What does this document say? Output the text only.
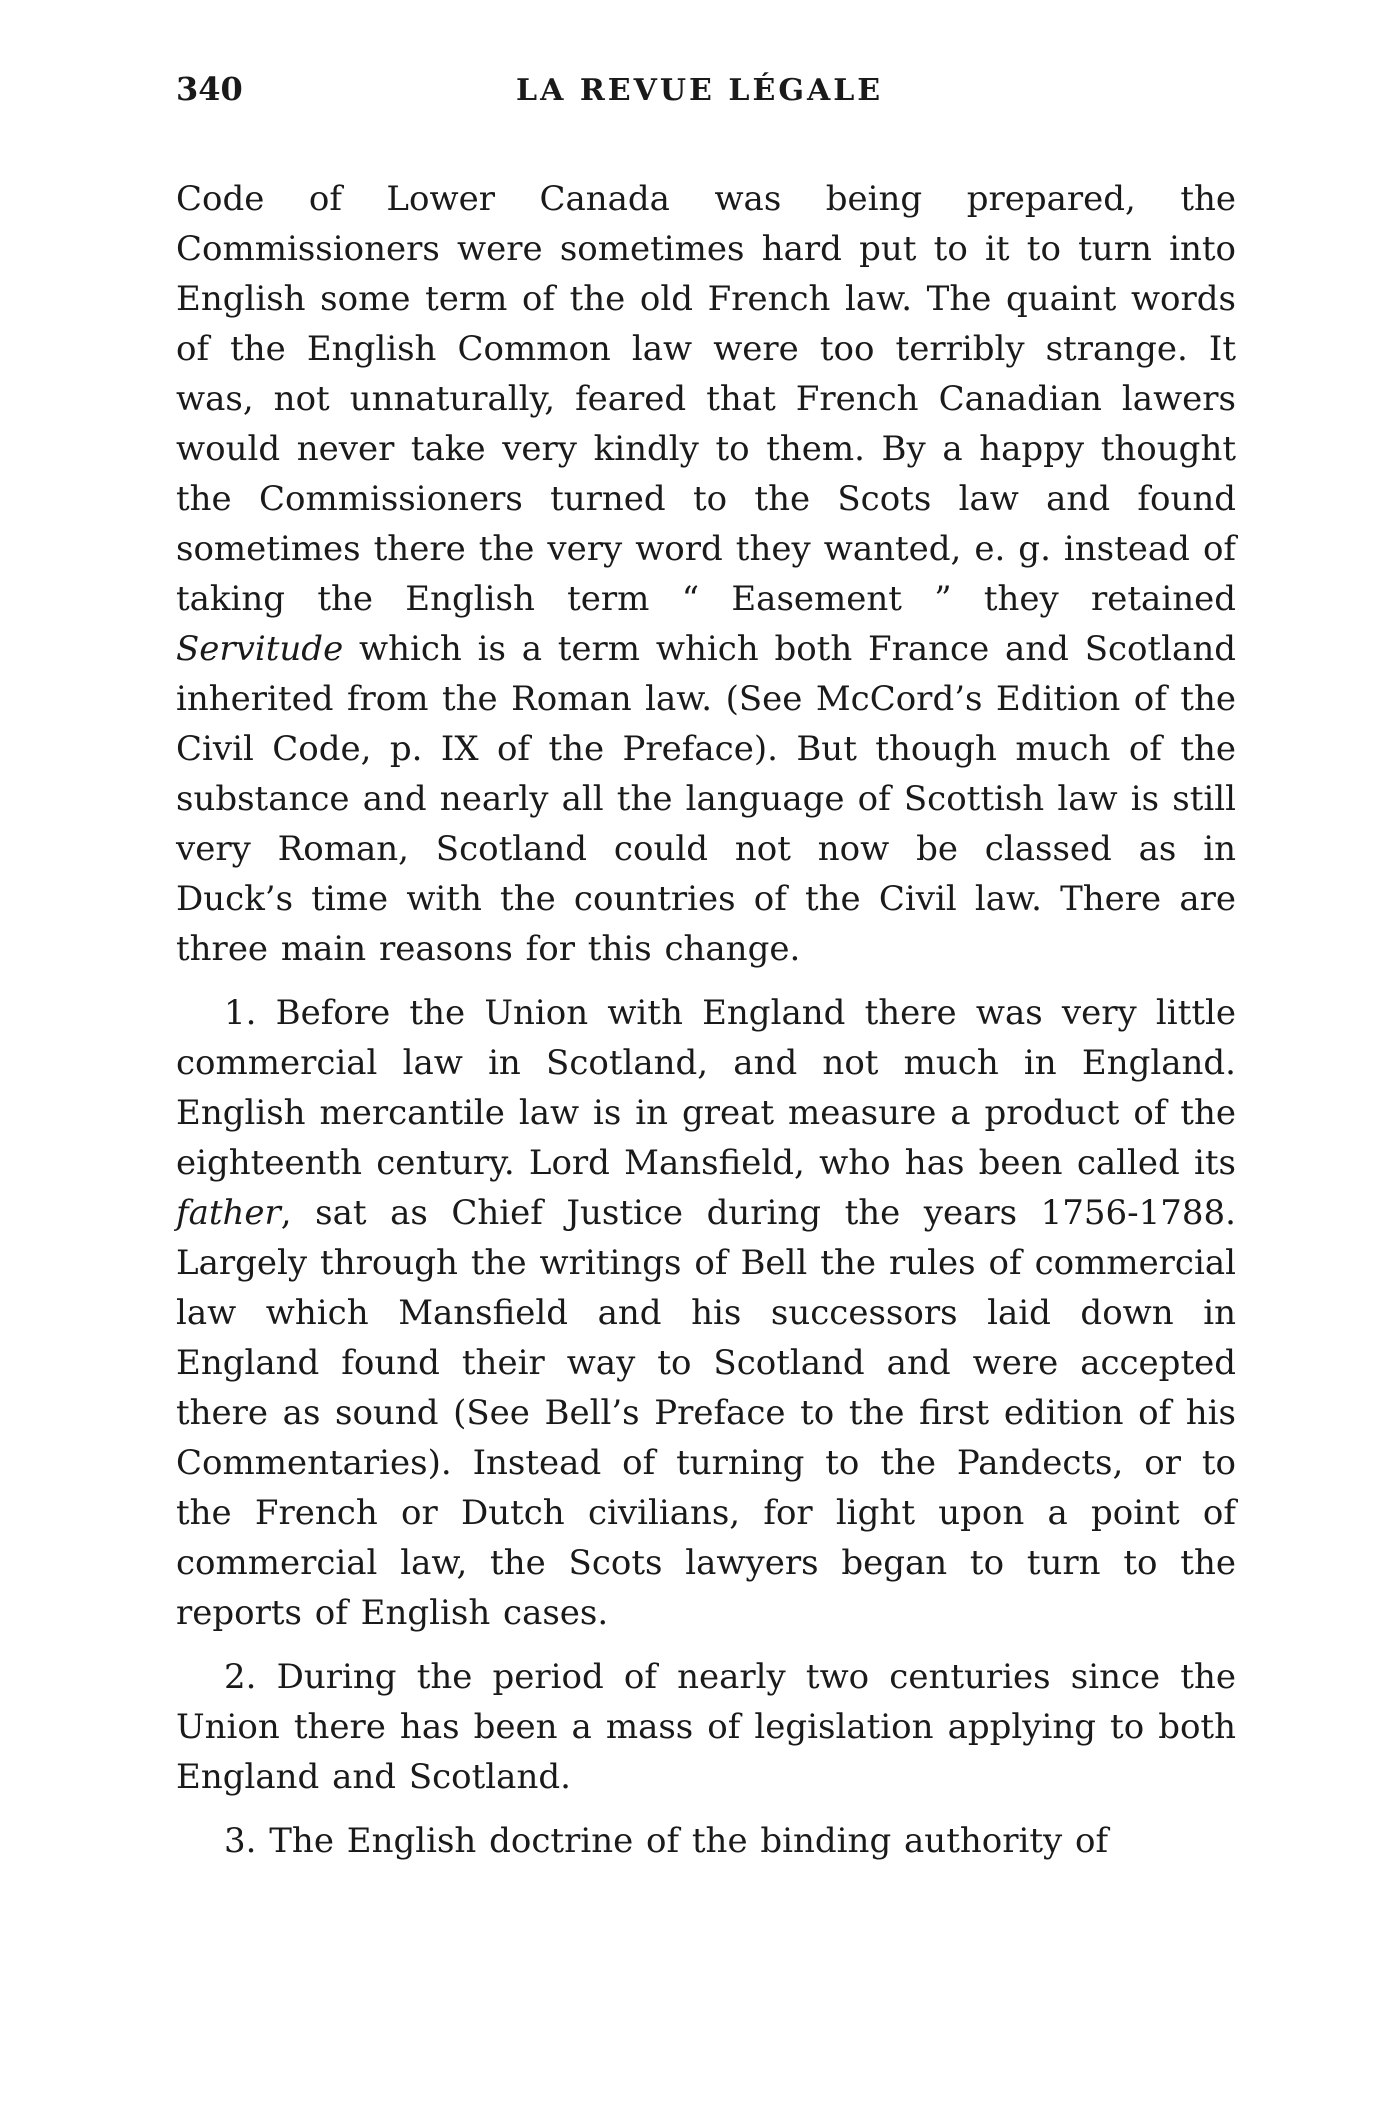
340	LA REVUE LÉGALE

Code of Lower Canada was being prepared, the Commissioners were sometimes hard put to it to turn into English some term of the old French law. The quaint words of the English Common law were too terribly strange. It was, not unnaturally, feared that French Canadian lawers would never take very kindly to them. By a happy thought the Commissioners turned to the Scots law and found sometimes there the very word they wanted, e. g. instead of taking the English term “ Easement ” they retained Servitude which is a term which both France and Scotland inherited from the Roman law. (See McCord’s Edition of the Civil Code, p. IX of the Preface). But though much of the substance and nearly all the language of Scottish law is still very Roman, Scotland could not now be classed as in Duck’s time with the countries of the Civil law. There are three main reasons for this change.

1. Before the Union with England there was very little commercial law in Scotland, and not much in England. English mercantile law is in great measure a product of the eighteenth century. Lord Mansfield, who has been called its father, sat as Chief Justice during the years 1756-1788. Largely through the writings of Bell the rules of commercial law which Mansfield and his successors laid down in England found their way to Scotland and were accepted there as sound (See Bell’s Preface to the first edition of his Commentaries). Instead of turning to the Pandects, or to the French or Dutch civilians, for light upon a point of commercial law, the Scots lawyers began to turn to the reports of English cases.

2. During the period of nearly two centuries since the Union there has been a mass of legislation applying to both England and Scotland.

3. The English doctrine of the binding authority of
